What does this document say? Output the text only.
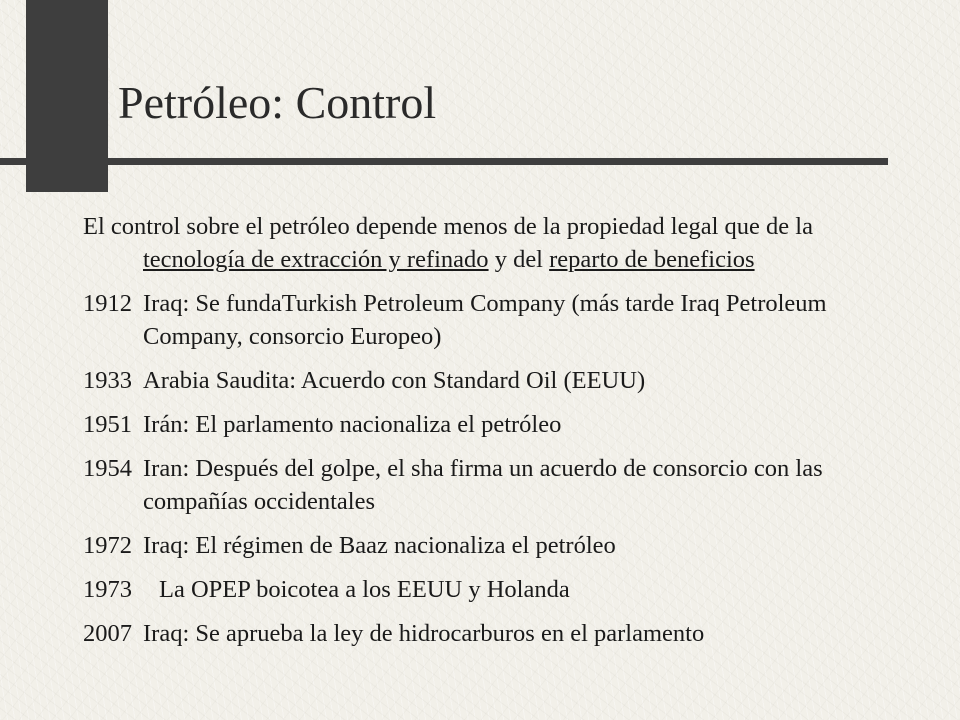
Petróleo: Control

El control sobre el petróleo depende menos de la propiedad legal que de la tecnología de extracción y refinado y del reparto de beneficios

1912 Iraq: Se fundaTurkish Petroleum Company (más tarde Iraq Petroleum Company, consorcio Europeo)

1933 Arabia Saudita: Acuerdo con Standard Oil (EEUU)

1951 Irán: El parlamento nacionaliza el petróleo

1954 Iran: Después del golpe, el sha firma un acuerdo de consorcio con las compañías occidentales

1972 Iraq: El régimen de Baaz nacionaliza el petróleo

1973 La OPEP boicotea a los EEUU y Holanda

2007 Iraq: Se aprueba la ley de hidrocarburos en el parlamento
